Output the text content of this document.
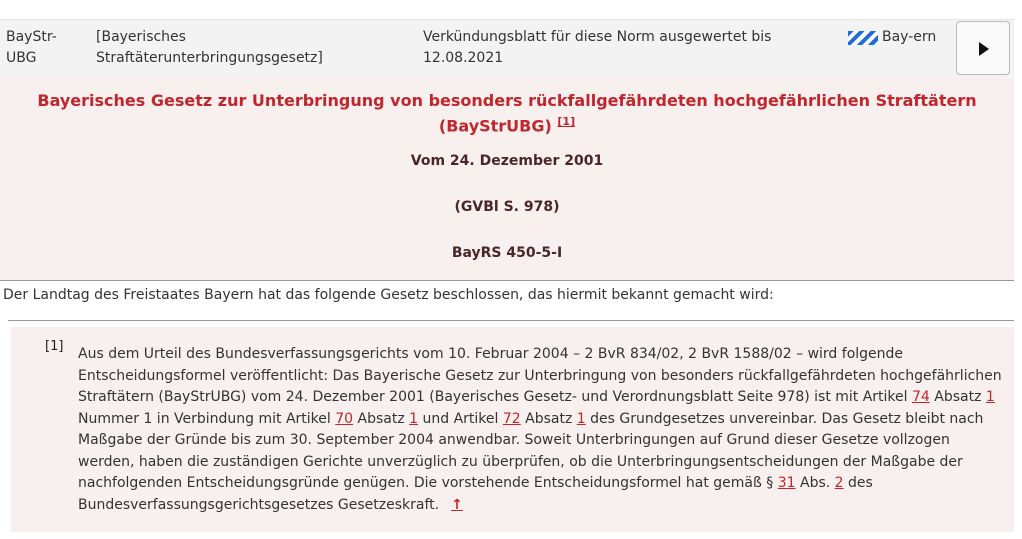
BayStr-UBG
[Bayerisches Straftäterunterbringungsgesetz]
Verkündungsblatt für diese Norm ausgewertet bis 12.08.2021
Bay-ern
Bayerisches Gesetz zur Unterbringung von besonders rückfallgefährdeten hochgefährlichen Straftätern (BayStrUBG) [1]
Vom 24. Dezember 2001
(GVBl S. 978)
BayRS 450-5-I
Der Landtag des Freistaates Bayern hat das folgende Gesetz beschlossen, das hiermit bekannt gemacht wird:
[1] Aus dem Urteil des Bundesverfassungsgerichts vom 10. Februar 2004 – 2 BvR 834/02, 2 BvR 1588/02 – wird folgende Entscheidungsformel veröffentlicht: Das Bayerische Gesetz zur Unterbringung von besonders rückfallgefährdeten hochgefährlichen Straftätern (BayStrUBG) vom 24. Dezember 2001 (Bayerisches Gesetz- und Verordnungsblatt Seite 978) ist mit Artikel 74 Absatz 1 Nummer 1 in Verbindung mit Artikel 70 Absatz 1 und Artikel 72 Absatz 1 des Grundgesetzes unvereinbar. Das Gesetz bleibt nach Maßgabe der Gründe bis zum 30. September 2004 anwendbar. Soweit Unterbringungen auf Grund dieser Gesetze vollzogen werden, haben die zuständigen Gerichte unverzüglich zu überprüfen, ob die Unterbringungsentscheidungen der Maßgabe der nachfolgenden Entscheidungsgründe genügen. Die vorstehende Entscheidungsformel hat gemäß § 31 Abs. 2 des Bundesverfassungsgerichtsgesetzes Gesetzeskraft. ↑
